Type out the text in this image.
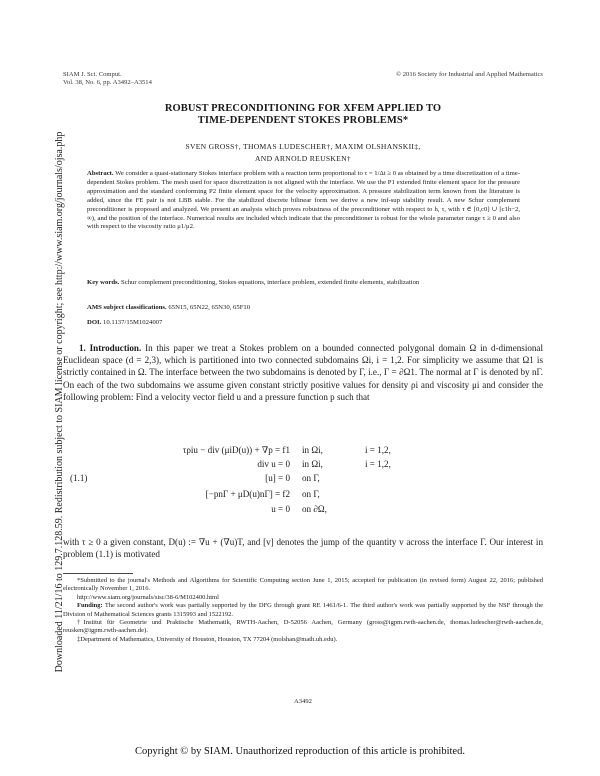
Downloaded 11/21/16 to 129.7.128.59. Redistribution subject to SIAM license or copyright; see http://www.siam.org/journals/ojsa.php
SIAM J. Sci. Comput.
Vol. 38, No. 6, pp. A3492–A3514
© 2016 Society for Industrial and Applied Mathematics
ROBUST PRECONDITIONING FOR XFEM APPLIED TO
TIME-DEPENDENT STOKES PROBLEMS*
SVEN GROSS†, THOMAS LUDESCHER†, MAXIM OLSHANSKII‡,
AND ARNOLD REUSKEN†
Abstract. We consider a quasi-stationary Stokes interface problem with a reaction term proportional to τ = 1/Δt ≥ 0 as obtained by a time discretization of a time-dependent Stokes problem. The mesh used for space discretization is not aligned with the interface. We use the P1 extended finite element space for the pressure approximation and the standard conforming P2 finite element space for the velocity approximation. A pressure stabilization term known from the literature is added, since the FE pair is not LBB stable. For the stabilized discrete bilinear form we derive a new inf-sup stability result. A new Schur complement preconditioner is proposed and analyzed. We present an analysis which proves robustness of the preconditioner with respect to h, τ, with τ ∈ [0,c0] ∪ [c1h−2, ∞), and the position of the interface. Numerical results are included which indicate that the preconditioner is robust for the whole parameter range τ ≥ 0 and also with respect to the viscosity ratio μ1/μ2.
Key words. Schur complement preconditioning, Stokes equations, interface problem, extended finite elements, stabilization
AMS subject classifications. 65N15, 65N22, 65N30, 65F10
DOI. 10.1137/15M1024007
1. Introduction. In this paper we treat a Stokes problem on a bounded connected polygonal domain Ω in d-dimensional Euclidean space (d = 2,3), which is partitioned into two connected subdomains Ωi, i = 1,2. For simplicity we assume that Ω1 is strictly contained in Ω. The interface between the two subdomains is denoted by Γ, i.e., Γ = ∂Ω1. The normal at Γ is denoted by nΓ. On each of the two subdomains we assume given constant strictly positive values for density ρi and viscosity μi and consider the following problem: Find a velocity vector field u and a pressure function p such that
(1.1)
τρiu − div (μiD(u)) + ∇p = f1 in Ωi,	i = 1,2,
div u = 0 in Ωi,	i = 1,2,
[u] = 0 on Γ,
[−pnΓ + μD(u)nΓ] = f2 on Γ,
u = 0 on ∂Ω,
with τ ≥ 0 a given constant, D(u) := ∇u + (∇u)T, and [v] denotes the jump of the quantity v across the interface Γ. Our interest in problem (1.1) is motivated
*Submitted to the journal's Methods and Algorithms for Scientific Computing section June 1, 2015; accepted for publication (in revised form) August 22, 2016; published electronically November 1, 2016.
http://www.siam.org/journals/sisc/38-6/M102400.html
Funding: The second author's work was partially supported by the DFG through grant RE 1461/6-1. The third author's work was partially supported by the NSF through the Division of Mathematical Sciences grants 1315993 and 1522192.
†Institut für Geometrie und Praktische Mathematik, RWTH-Aachen, D-52056 Aachen, Germany (gross@igpm.rwth-aachen.de, thomas.ludescher@rwth-aachen.de, reusken@igpm.rwth-aachen.de).
‡Department of Mathematics, University of Houston, Houston, TX 77204 (molshan@math.uh.edu).
A3492
Copyright © by SIAM. Unauthorized reproduction of this article is prohibited.
